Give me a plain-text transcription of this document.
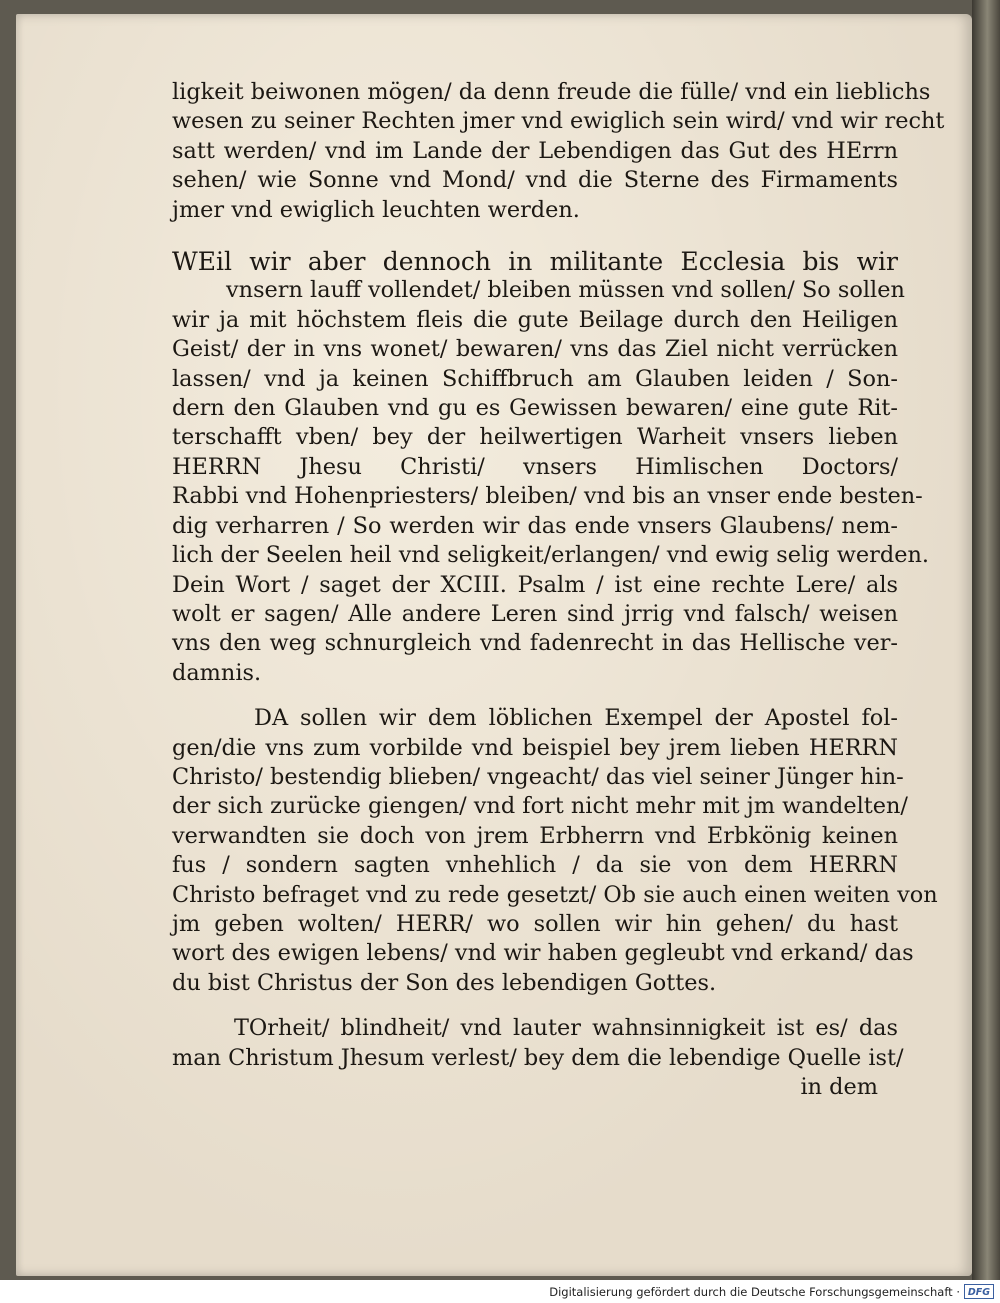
ligkeit beiwonen mögen/ da denn freude die fülle/ vnd ein lieblichs
wesen zu seiner Rechten jmer vnd ewiglich sein wird/ vnd wir recht
satt werden/ vnd im Lande der Lebendigen das Gut des HErrn
sehen/ wie Sonne vnd Mond/ vnd die Sterne des Firmaments
jmer vnd ewiglich leuchten werden.

WEil wir aber dennoch in militante Ecclesia bis wir
vnsern lauff vollendet/ bleiben müssen vnd sollen/ So sollen
wir ja mit höchstem fleis die gute Beilage durch den Heiligen
Geist/ der in vns wonet/ bewaren/ vns das Ziel nicht verrücken
lassen/ vnd ja keinen Schiffbruch am Glauben leiden / Son-
dern den Glauben vnd gu es Gewissen bewaren/ eine gute Rit-
terschafft vben/ bey der heilwertigen Warheit vnsers lieben
HERRN Jhesu Christi/ vnsers Himlischen Doctors/
Rabbi vnd Hohenpriesters/ bleiben/ vnd bis an vnser ende besten-
dig verharren / So werden wir das ende vnsers Glaubens/ nem-
lich der Seelen heil vnd seligkeit/erlangen/ vnd ewig selig werden.
Dein Wort / saget der XCIII. Psalm / ist eine rechte Lere/ als
wolt er sagen/ Alle andere Leren sind jrrig vnd falsch/ weisen
vns den weg schnurgleich vnd fadenrecht in das Hellische ver-
damnis.

DA sollen wir dem löblichen Exempel der Apostel fol-
gen/die vns zum vorbilde vnd beispiel bey jrem lieben HERRN
Christo/ bestendig blieben/ vngeacht/ das viel seiner Jünger hin-
der sich zurücke giengen/ vnd fort nicht mehr mit jm wandelten/
verwandten sie doch von jrem Erbherrn vnd Erbkönig keinen
fus / sondern sagten vnhehlich / da sie von dem HERRN
Christo befraget vnd zu rede gesetzt/ Ob sie auch einen weiten von
jm geben wolten/ HERR/ wo sollen wir hin gehen/ du hast
wort des ewigen lebens/ vnd wir haben gegleubt vnd erkand/ das
du bist Christus der Son des lebendigen Gottes.

TOrheit/ blindheit/ vnd lauter wahnsinnigkeit ist es/ das
man Christum Jhesum verlest/ bey dem die lebendige Quelle ist/
in dem

Digitalisierung gefördert durch die Deutsche Forschungsgemeinschaft · DFG
